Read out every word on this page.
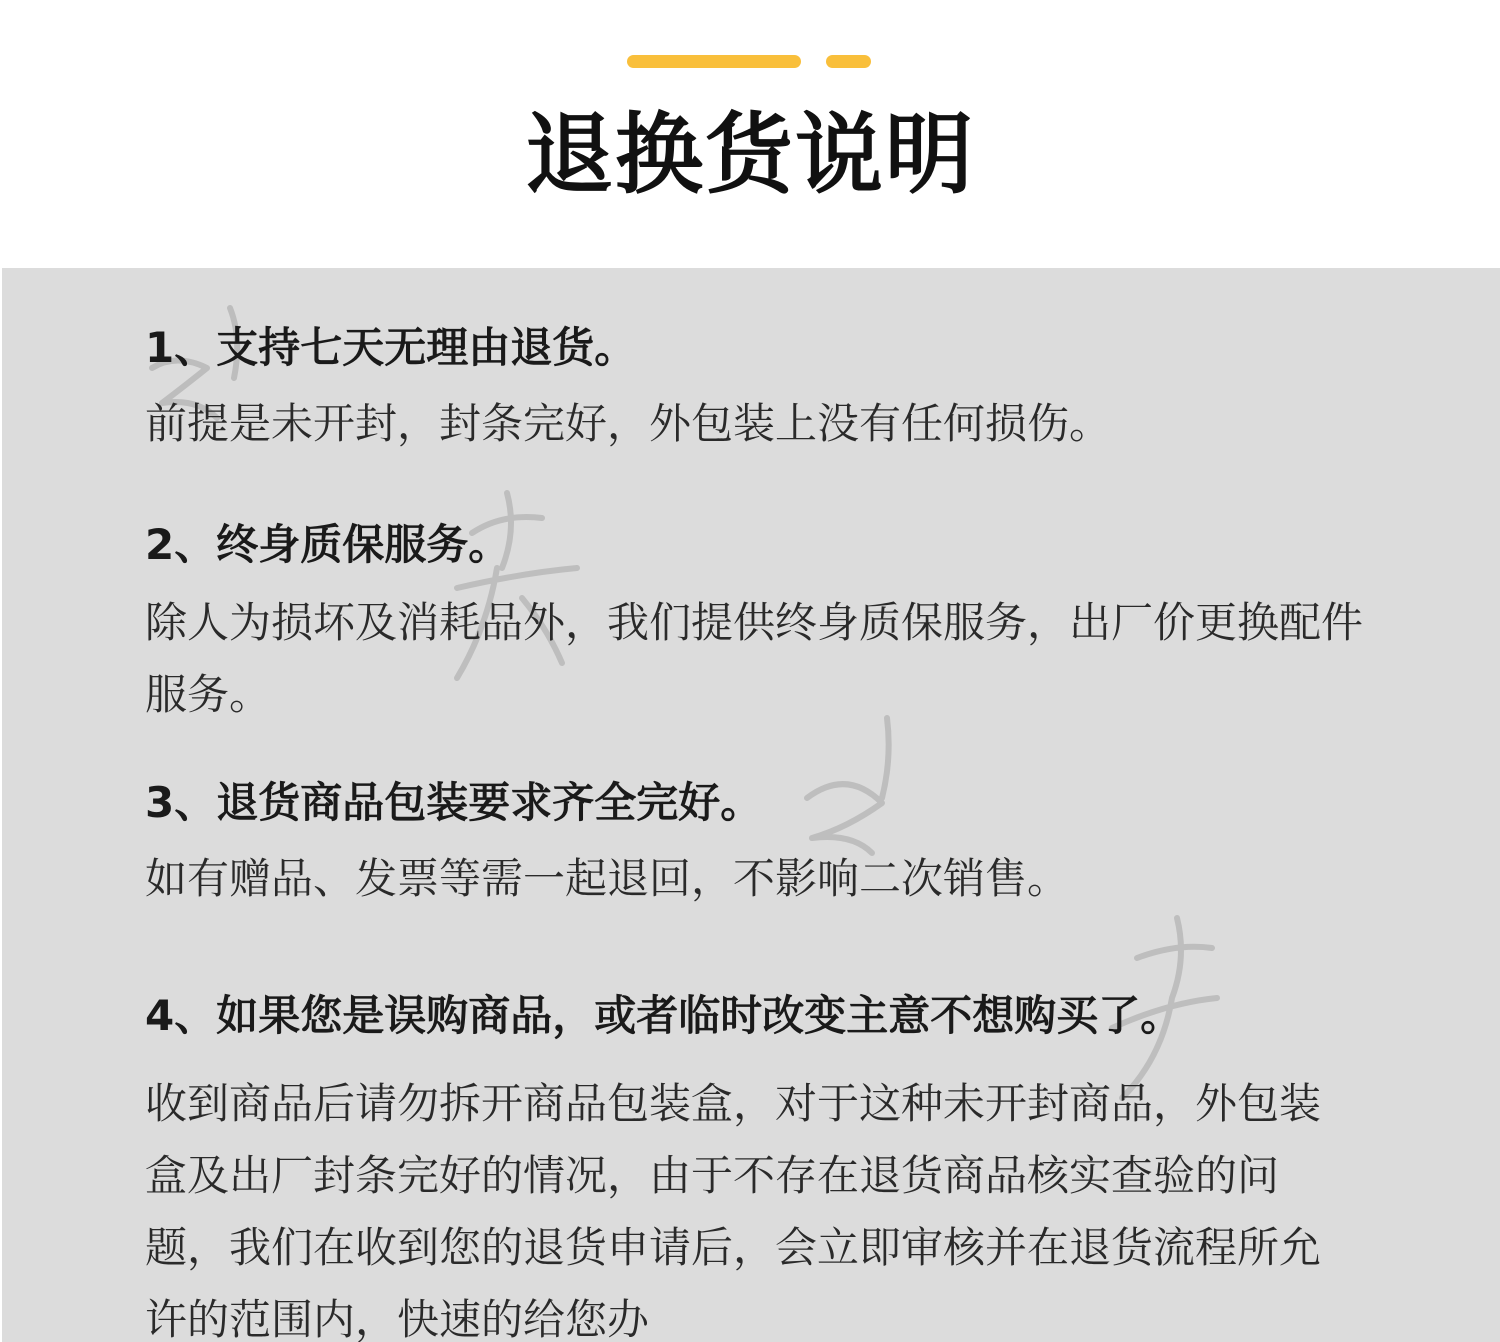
退换货说明
1、支持七天无理由退货。
前提是未开封，封条完好，外包装上没有任何损伤。
2、终身质保服务。
除人为损坏及消耗品外，我们提供终身质保服务，出厂价更换配件服务。
3、退货商品包装要求齐全完好。
如有赠品、发票等需一起退回，不影响二次销售。
4、如果您是误购商品，或者临时改变主意不想购买了。
收到商品后请勿拆开商品包装盒，对于这种未开封商品，外包装盒及出厂封条完好的情况，由于不存在退货商品核实查验的问题，我们在收到您的退货申请后，会立即审核并在退货流程所允许的范围内，快速的给您办
